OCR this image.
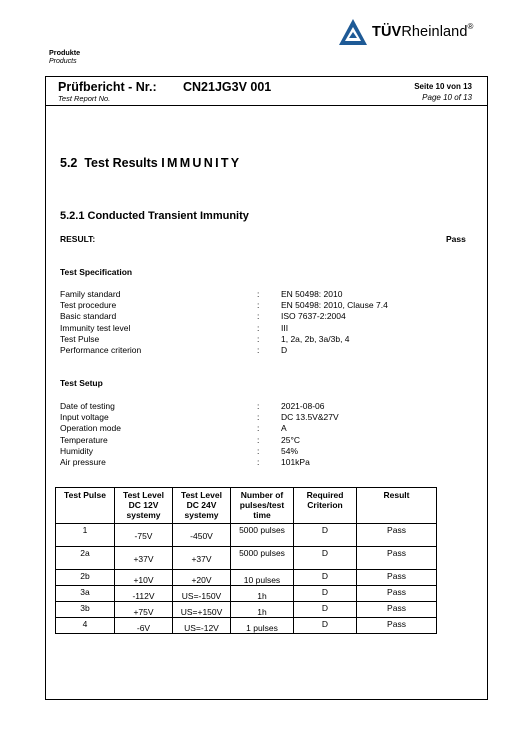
TÜVRheinland®
Produkte
Products
Prüfbericht - Nr.:
Test Report No.
CN21JG3V 001	Seite 10 von 13
Page 10 of 13
5.2 Test Results IMMUNITY
5.2.1 Conducted Transient Immunity
RESULT:	Pass
Test Specification
Family standard	:	EN 50498: 2010
Test procedure	:	EN 50498: 2010, Clause 7.4
Basic standard	:	ISO 7637-2:2004
Immunity test level	:	III
Test Pulse	:	1, 2a, 2b, 3a/3b, 4
Performance criterion	:	D
Test Setup
Date of testing	:	2021-08-06
Input voltage	:	DC 13.5V&27V
Operation mode	:	A
Temperature	:	25°C
Humidity	:	54%
Air pressure	:	101kPa
Test Pulse	Test Level DC 12V systemy	Test Level DC 24V systemy	Number of pulses/test time	Required Criterion	Result
1	-75V	-450V	5000 pulses	D	Pass
2a	+37V	+37V	5000 pulses	D	Pass
2b	+10V	+20V	10 pulses	D	Pass
3a	-112V	US=-150V	1h	D	Pass
3b	+75V	US=+150V	1h	D	Pass
4	-6V	US=-12V	1 pulses	D	Pass
